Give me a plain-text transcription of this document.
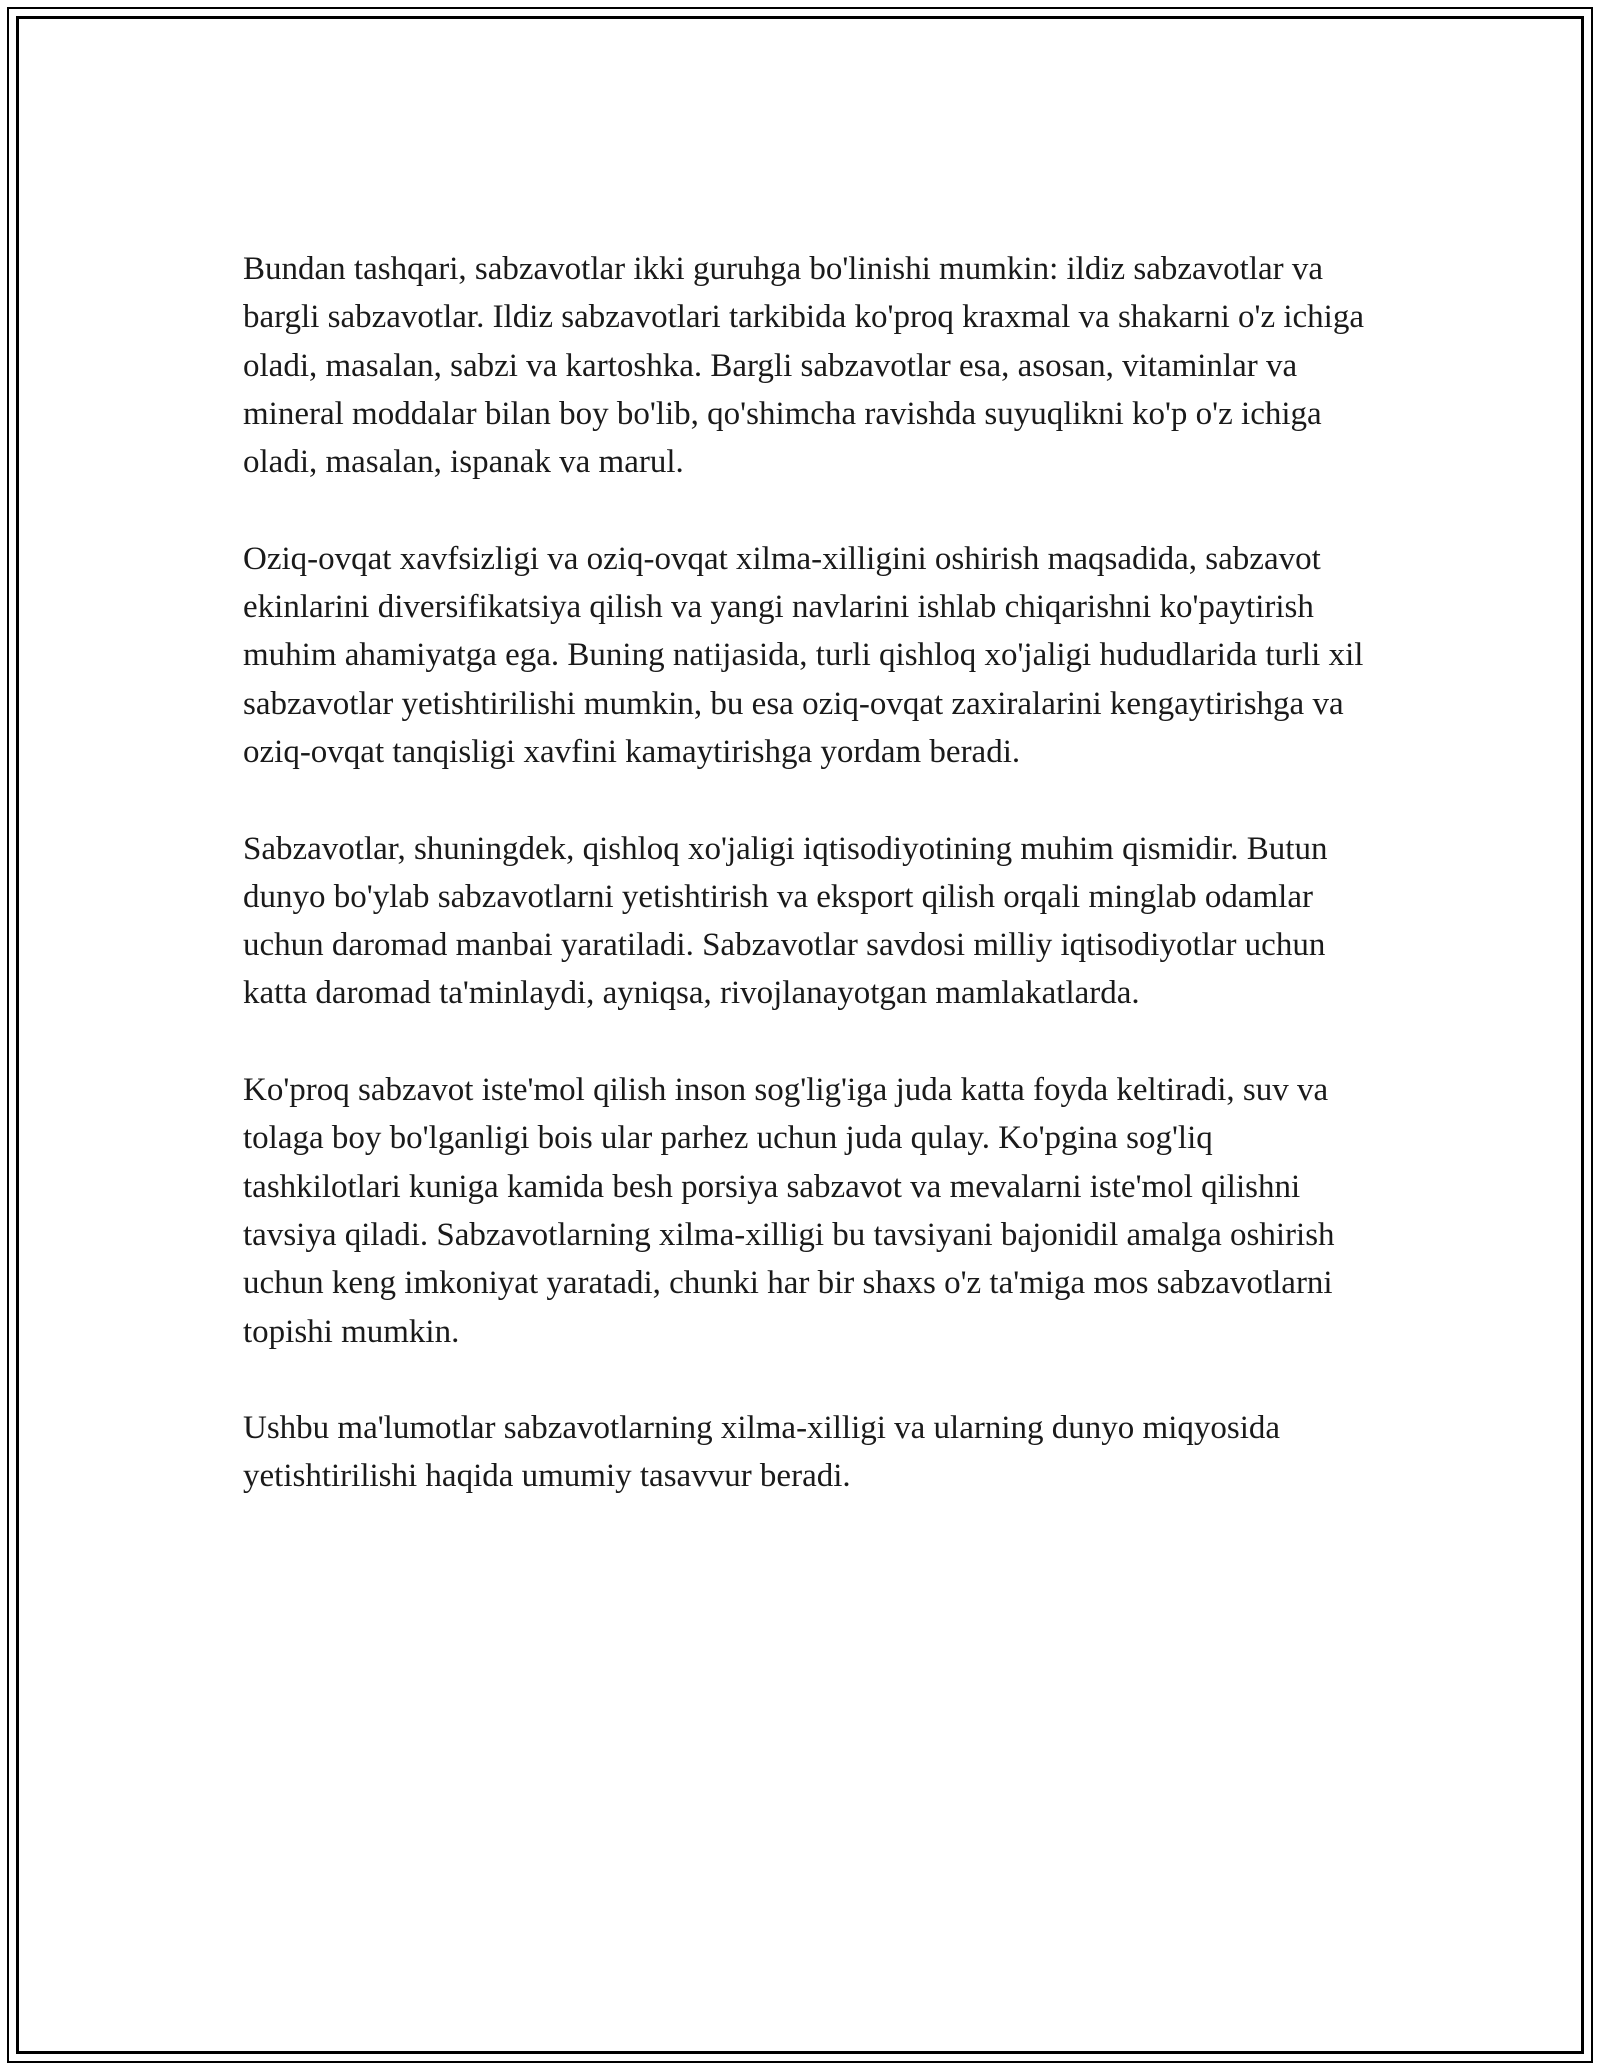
Bundan tashqari, sabzavotlar ikki guruhga bo'linishi mumkin: ildiz sabzavotlar va bargli sabzavotlar. Ildiz sabzavotlari tarkibida ko'proq kraxmal va shakarni o'z ichiga oladi, masalan, sabzi va kartoshka. Bargli sabzavotlar esa, asosan, vitaminlar va mineral moddalar bilan boy bo'lib, qo'shimcha ravishda suyuqlikni ko'p o'z ichiga oladi, masalan, ispanak va marul.

Oziq-ovqat xavfsizligi va oziq-ovqat xilma-xilligini oshirish maqsadida, sabzavot ekinlarini diversifikatsiya qilish va yangi navlarini ishlab chiqarishni ko'paytirish muhim ahamiyatga ega. Buning natijasida, turli qishloq xo'jaligi hududlarida turli xil sabzavotlar yetishtirilishi mumkin, bu esa oziq-ovqat zaxiralarini kengaytirishga va oziq-ovqat tanqisligi xavfini kamaytirishga yordam beradi.

Sabzavotlar, shuningdek, qishloq xo'jaligi iqtisodiyotining muhim qismidir. Butun dunyo bo'ylab sabzavotlarni yetishtirish va eksport qilish orqali minglab odamlar uchun daromad manbai yaratiladi. Sabzavotlar savdosi milliy iqtisodiyotlar uchun katta daromad ta'minlaydi, ayniqsa, rivojlanayotgan mamlakatlarda.

Ko'proq sabzavot iste'mol qilish inson sog'lig'iga juda katta foyda keltiradi, suv va tolaga boy bo'lganligi bois ular parhez uchun juda qulay. Ko'pgina sog'liq tashkilotlari kuniga kamida besh porsiya sabzavot va mevalarni iste'mol qilishni tavsiya qiladi. Sabzavotlarning xilma-xilligi bu tavsiyani bajonidil amalga oshirish uchun keng imkoniyat yaratadi, chunki har bir shaxs o'z ta'miga mos sabzavotlarni topishi mumkin.

Ushbu ma'lumotlar sabzavotlarning xilma-xilligi va ularning dunyo miqyosida yetishtirilishi haqida umumiy tasavvur beradi.
